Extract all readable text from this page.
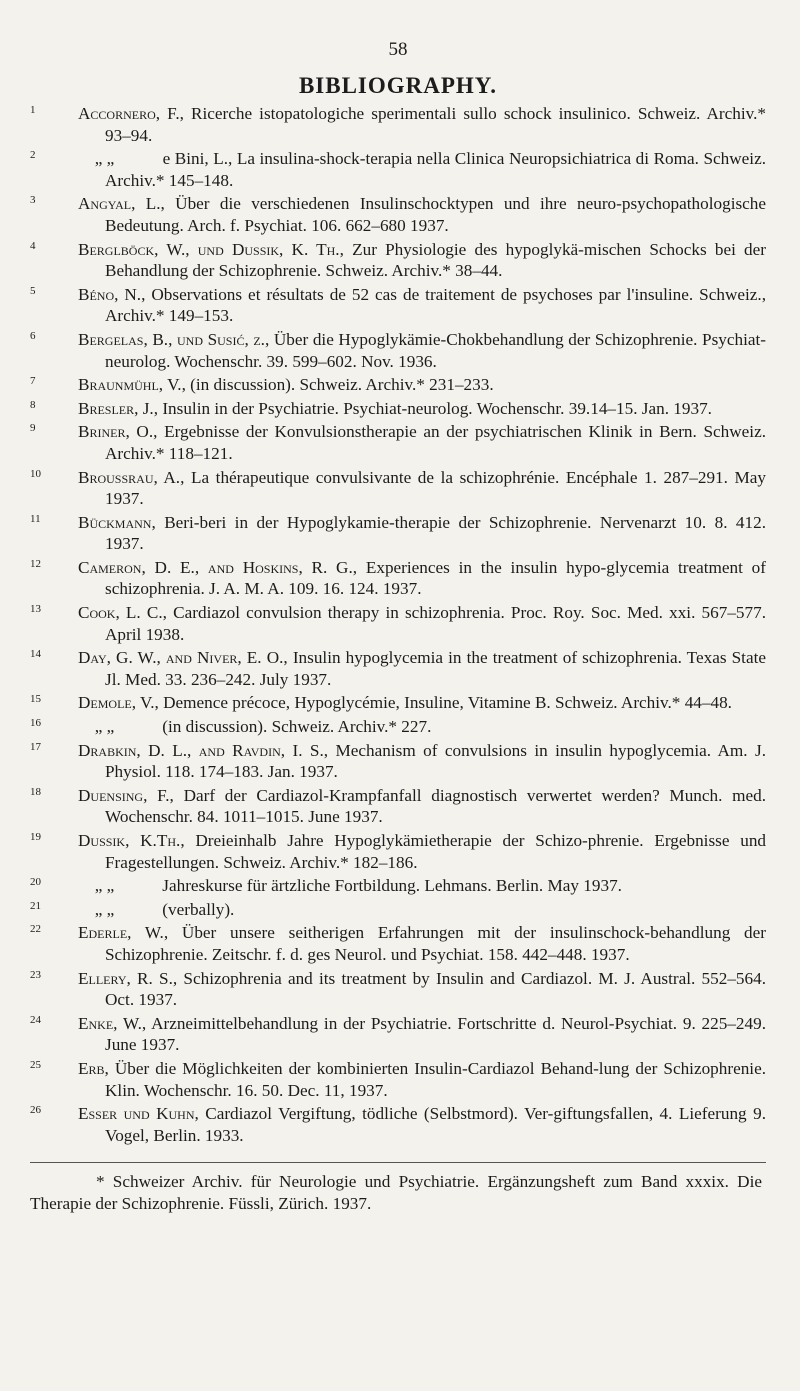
58

BIBLIOGRAPHY.
1	Accornero, F., Ricerche istopatologiche sperimentali sullo schock insulinico. Schweiz. Archiv.* 93–94.
2	„ „	e Bini, L., La insulina-shock-terapia nella Clinica Neuropsichiatrica di Roma. Schweiz. Archiv.* 145–148.
3	Angyal, L., Über die verschiedenen Insulinschocktypen und ihre neuro-psychopathologische Bedeutung. Arch. f. Psychiat. 106. 662–680 1937.
4	Berglböck, W., und Dussik, K. Th., Zur Physiologie des hypoglykä-mischen Schocks bei der Behandlung der Schizophrenie. Schweiz. Archiv.* 38–44.
5	Béno, N., Observations et résultats de 52 cas de traitement de psychoses par l'insuline. Schweiz., Archiv.* 149–153.
6	Bergelas, B., und Susić, z., Über die Hypoglykämie-Chokbehandlung der Schizophrenie. Psychiat-neurolog. Wochenschr. 39. 599–602. Nov. 1936.
7	Braunmühl, V., (in discussion). Schweiz. Archiv.* 231–233.
8	Bresler, J., Insulin in der Psychiatrie. Psychiat-neurolog. Wochenschr. 39.14–15. Jan. 1937.
9	Briner, O., Ergebnisse der Konvulsionstherapie an der psychiatrischen Klinik in Bern. Schweiz. Archiv.* 118–121.
10 Broussrau, A., La thérapeutique convulsivante de la schizophrénie. Encéphale 1. 287–291. May 1937.
11	Bückmann, Beri-beri in der Hypoglykamie-therapie der Schizophrenie. Nervenarzt 10. 8. 412. 1937.
12 Cameron, D. E., and Hoskins, R. G., Experiences in the insulin hypo-glycemia treatment of schizophrenia. J. A. M. A. 109. 16. 124. 1937.
13 Cook, L. C., Cardiazol convulsion therapy in schizophrenia. Proc. Roy. Soc. Med. xxi. 567–577. April 1938.
14 Day, G. W., and Niver, E. O., Insulin hypoglycemia in the treatment of schizophrenia. Texas State Jl. Med. 33. 236–242. July 1937.
15 Demole, V., Demence précoce, Hypoglycémie, Insuline, Vitamine B. Schweiz. Archiv.* 44–48.
16	„ „	(in discussion). Schweiz. Archiv.* 227.
17 Drabkin, D. L., and Ravdin, I. S., Mechanism of convulsions in insulin hypoglycemia. Am. J. Physiol. 118. 174–183. Jan. 1937.
18 Duensing, F., Darf der Cardiazol-Krampfanfall diagnostisch verwertet werden? Munch. med. Wochenschr. 84. 1011–1015. June 1937.
19 Dussik, K.Th., Dreieinhalb Jahre Hypoglykämietherapie der Schizo-phrenie. Ergebnisse und Fragestellungen. Schweiz. Archiv.* 182–186.
20	„ „	Jahreskurse für ärtzliche Fortbildung. Lehmans. Berlin. May 1937.
21	„ „	(verbally).
22 Ederle, W., Über unsere seitherigen Erfahrungen mit der insulinschock-behandlung der Schizophrenie. Zeitschr. f. d. ges Neurol. und Psychiat. 158. 442–448. 1937.
23 Ellery, R. S., Schizophrenia and its treatment by Insulin and Cardiazol. M. J. Austral. 552–564. Oct. 1937.
24 Enke, W., Arzneimittelbehandlung in der Psychiatrie. Fortschritte d. Neurol-Psychiat. 9. 225–249. June 1937.
25 Erb, Über die Möglichkeiten der kombinierten Insulin-Cardiazol Behand-lung der Schizophrenie. Klin. Wochenschr. 16. 50. Dec. 11, 1937.
26 Esser und Kuhn, Cardiazol Vergiftung, tödliche (Selbstmord). Ver-giftungsfallen, 4. Lieferung 9. Vogel, Berlin. 1933.

* Schweizer Archiv. für Neurologie und Psychiatrie. Ergänzungsheft zum Band xxxix. Die Therapie der Schizophrenie. Füssli, Zürich. 1937.
